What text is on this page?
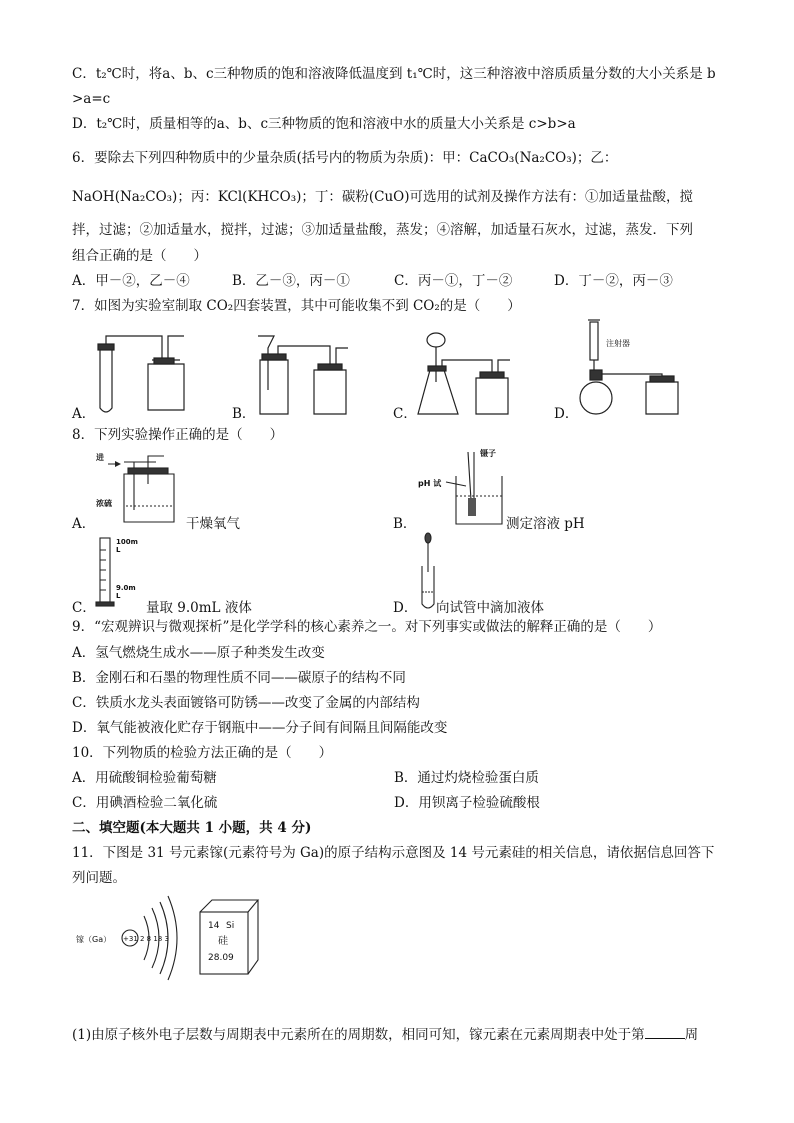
C．t₂℃时，将a、b、c三种物质的饱和溶液降低温度到 t₁℃时，这三种溶液中溶质质量分数的大小关系是 b
>a=c
D．t₂℃时，质量相等的a、b、c三种物质的饱和溶液中水的质量大小关系是 c>b>a
6．要除去下列四种物质中的少量杂质(括号内的物质为杂质)：甲：CaCO₃(Na₂CO₃)；乙：
NaOH(Na₂CO₃)；丙：KCl(KHCO₃)；丁：碳粉(CuO)可选用的试剂及操作方法有：①加适量盐酸，搅
拌，过滤；②加适量水，搅拌，过滤；③加适量盐酸，蒸发；④溶解，加适量石灰水，过滤，蒸发．下列
组合正确的是（　　）
A．甲－②，乙－④	B．乙－③，丙－①	C．丙－①，丁－②	D．丁－②，丙－③
7．如图为实验室制取 CO₂四套装置，其中可能收集不到 CO₂的是（　　）
A．	B．	C．	D．
注射器
8．下列实验操作正确的是（　　）
A．
进
浓硫
干燥氧气	B．
镊子
pH 试
测定溶液 pH
C．
100m
L
9.0m
L
量取 9.0mL 液体	D． 向试管中滴加液体
9．“宏观辨识与微观探析”是化学学科的核心素养之一。对下列事实或做法的解释正确的是（　　）
A．氢气燃烧生成水——原子种类发生改变
B．金刚石和石墨的物理性质不同——碳原子的结构不同
C．铁质水龙头表面镀铬可防锈——改变了金属的内部结构
D．氧气能被液化贮存于钢瓶中——分子间有间隔且间隔能改变
10．下列物质的检验方法正确的是（　　）
A．用硫酸铜检验葡萄糖	B．通过灼烧检验蛋白质
C．用碘酒检验二氧化硫	D．用钡离子检验硫酸根
二、填空题(本大题共 1 小题，共 4 分)
11．下图是 31 号元素镓(元素符号为 Ga)的原子结构示意图及 14 号元素硅的相关信息，请依据信息回答下
列问题。
镓（Ga） +31 2 8 18 3
14 Si
硅
28.09
(1)由原子核外电子层数与周期表中元素所在的周期数，相同可知，镓元素在元素周期表中处于第	周
